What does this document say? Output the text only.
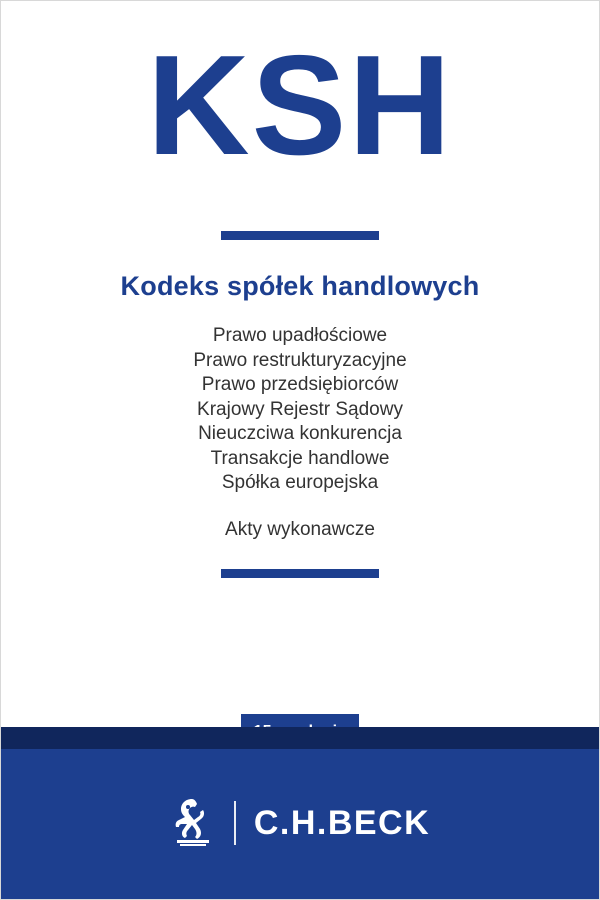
KSH
Kodeks spółek handlowych
Prawo upadłościowe
Prawo restrukturyzacyjne
Prawo przedsiębiorców
Krajowy Rejestr Sądowy
Nieuczciwa konkurencja
Transakcje handlowe
Spółka europejska
Akty wykonawcze
C.H.BECK
